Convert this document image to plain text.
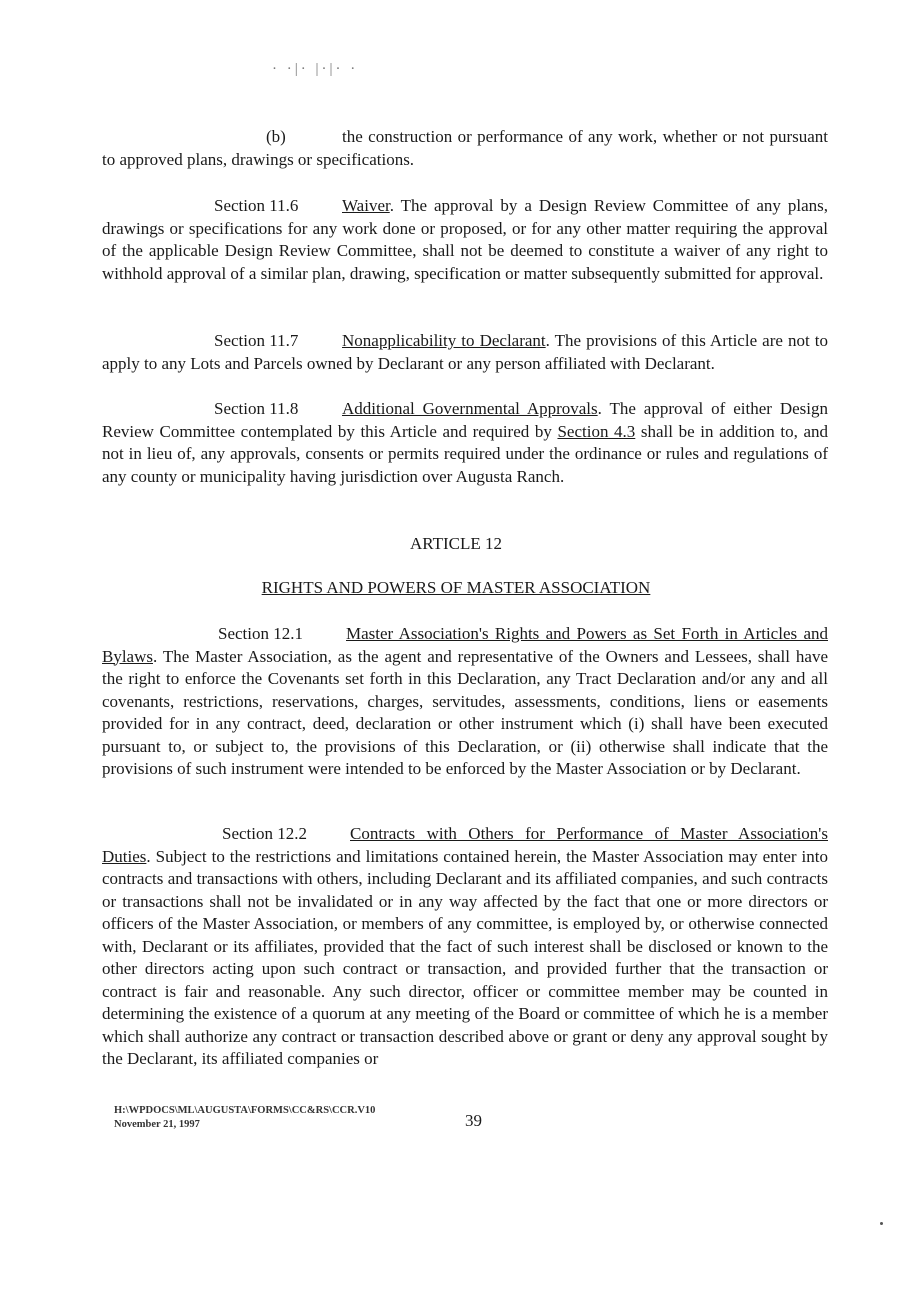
· ·|· |·|· ·
(b)	the construction or performance of any work, whether or not pursuant to approved plans, drawings or specifications.
Section 11.6	Waiver. The approval by a Design Review Committee of any plans, drawings or specifications for any work done or proposed, or for any other matter requiring the approval of the applicable Design Review Committee, shall not be deemed to constitute a waiver of any right to withhold approval of a similar plan, drawing, specification or matter subsequently submitted for approval.
Section 11.7	Nonapplicability to Declarant. The provisions of this Article are not to apply to any Lots and Parcels owned by Declarant or any person affiliated with Declarant.
Section 11.8	Additional Governmental Approvals. The approval of either Design Review Committee contemplated by this Article and required by Section 4.3 shall be in addition to, and not in lieu of, any approvals, consents or permits required under the ordinance or rules and regulations of any county or municipality having jurisdiction over Augusta Ranch.
ARTICLE 12
RIGHTS AND POWERS OF MASTER ASSOCIATION
Section 12.1	Master Association's Rights and Powers as Set Forth in Articles and Bylaws. The Master Association, as the agent and representative of the Owners and Lessees, shall have the right to enforce the Covenants set forth in this Declaration, any Tract Declaration and/or any and all covenants, restrictions, reservations, charges, servitudes, assessments, conditions, liens or easements provided for in any contract, deed, declaration or other instrument which (i) shall have been executed pursuant to, or subject to, the provisions of this Declaration, or (ii) otherwise shall indicate that the provisions of such instrument were intended to be enforced by the Master Association or by Declarant.
Section 12.2	Contracts with Others for Performance of Master Association's Duties. Subject to the restrictions and limitations contained herein, the Master Association may enter into contracts and transactions with others, including Declarant and its affiliated companies, and such contracts or transactions shall not be invalidated or in any way affected by the fact that one or more directors or officers of the Master Association, or members of any committee, is employed by, or otherwise connected with, Declarant or its affiliates, provided that the fact of such interest shall be disclosed or known to the other directors acting upon such contract or transaction, and provided further that the transaction or contract is fair and reasonable. Any such director, officer or committee member may be counted in determining the existence of a quorum at any meeting of the Board or committee of which he is a member which shall authorize any contract or transaction described above or grant or deny any approval sought by the Declarant, its affiliated companies or
H:\WPDOCS\ML\AUGUSTA\FORMS\CC&RS\CCR.V10
November 21, 1997	39
